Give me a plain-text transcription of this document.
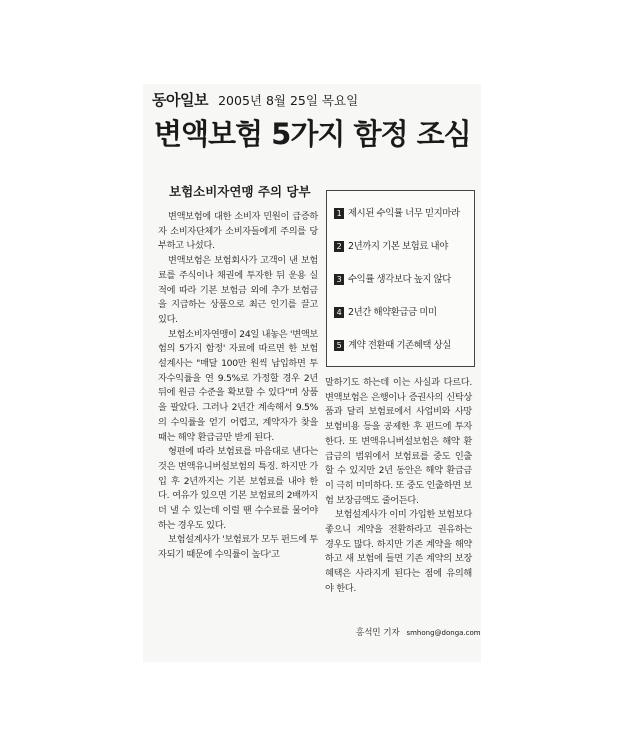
동아일보 2005년 8월 25일 목요일
변액보험 5가지 함정 조심
보험소비자연맹 주의 당부

변액보험에 대한 소비자 민원이 급증하자 소비자단체가 소비자들에게 주의를 당부하고 나섰다.

변액보험은 보험회사가 고객이 낸 보험료를 주식이나 채권에 투자한 뒤 운용 실적에 따라 기본 보험금 외에 추가 보험금을 지급하는 상품으로 최근 인기를 끌고 있다.

보험소비자연맹이 24일 내놓은 '변액보험의 5가지 함정' 자료에 따르면 한 보험설계사는 "매달 100만 원씩 납입하면 투자수익률을 연 9.5%로 가정할 경우 2년 뒤에 원금 수준을 확보할 수 있다"며 상품을 팔았다. 그러나 2년간 계속해서 9.5%의 수익률을 얻기 어렵고, 계약자가 찾을 때는 해약 환급금만 받게 된다.

형편에 따라 보험료를 마음대로 낸다는 것은 변액유니버설보험의 특징. 하지만 가입 후 2년까지는 기본 보험료를 내야 한다. 여유가 있으면 기본 보험료의 2배까지 더 낼 수 있는데 이럴 땐 수수료를 물어야 하는 경우도 있다.

보험설계사가 '보험료가 모두 펀드에 투자되기 때문에 수익률이 높다'고

1 제시된 수익률 너무 믿지마라
2 2년까지 기본 보험료 내야
3 수익률 생각보다 높지 않다
4 2년간 해약환급금 미미
5 계약 전환때 기존혜택 상실

말하기도 하는데 이는 사실과 다르다. 변액보험은 은행이나 증권사의 신탁상품과 달리 보험료에서 사업비와 사망보험비용 등을 공제한 후 펀드에 투자한다. 또 변액유니버설보험은 해약 환급금의 범위에서 보험료를 중도 인출할 수 있지만 2년 동안은 해약 환급금이 극히 미미하다. 또 중도 인출하면 보험 보장금액도 줄어든다.

보험설계사가 이미 가입한 보험보다 좋으니 계약을 전환하라고 권유하는 경우도 많다. 하지만 기존 계약을 해약하고 새 보험에 들면 기존 계약의 보장 혜택은 사라지게 된다는 점에 유의해야 한다.

홍석민 기자 smhong@donga.com
